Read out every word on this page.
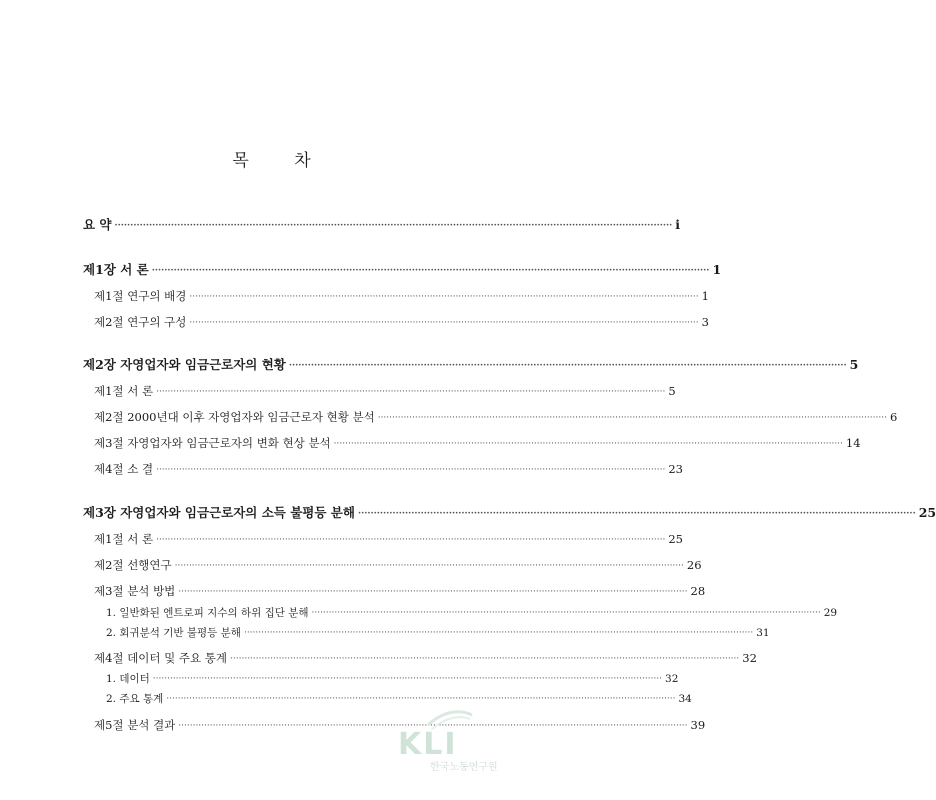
목 차
요 약 ·················································································································································································· i
제1장 서 론 ·················································································································································································· 1
제1절 연구의 배경 ·················································································································································································· 1
제2절 연구의 구성 ·················································································································································································· 3
제2장 자영업자와 임금근로자의 현황 ·················································································································································································· 5
제1절 서 론 ·················································································································································································· 5
제2절 2000년대 이후 자영업자와 임금근로자 현황 분석 ·················································································································································································· 6
제3절 자영업자와 임금근로자의 변화 현상 분석 ·················································································································································································· 14
제4절 소 결 ·················································································································································································· 23
제3장 자영업자와 임금근로자의 소득 불평등 분해 ·················································································································································································· 25
제1절 서 론 ·················································································································································································· 25
제2절 선행연구 ·················································································································································································· 26
제3절 분석 방법 ·················································································································································································· 28
1. 일반화된 엔트로피 지수의 하위 집단 분해 ·················································································································································································· 29
2. 회귀분석 기반 불평등 분해 ·················································································································································································· 31
제4절 데이터 및 주요 통계 ·················································································································································································· 32
1. 데이터 ·················································································································································································· 32
2. 주요 통계 ·················································································································································································· 34
제5절 분석 결과 ·················································································································································································· 39
KLI
한국노동연구원
